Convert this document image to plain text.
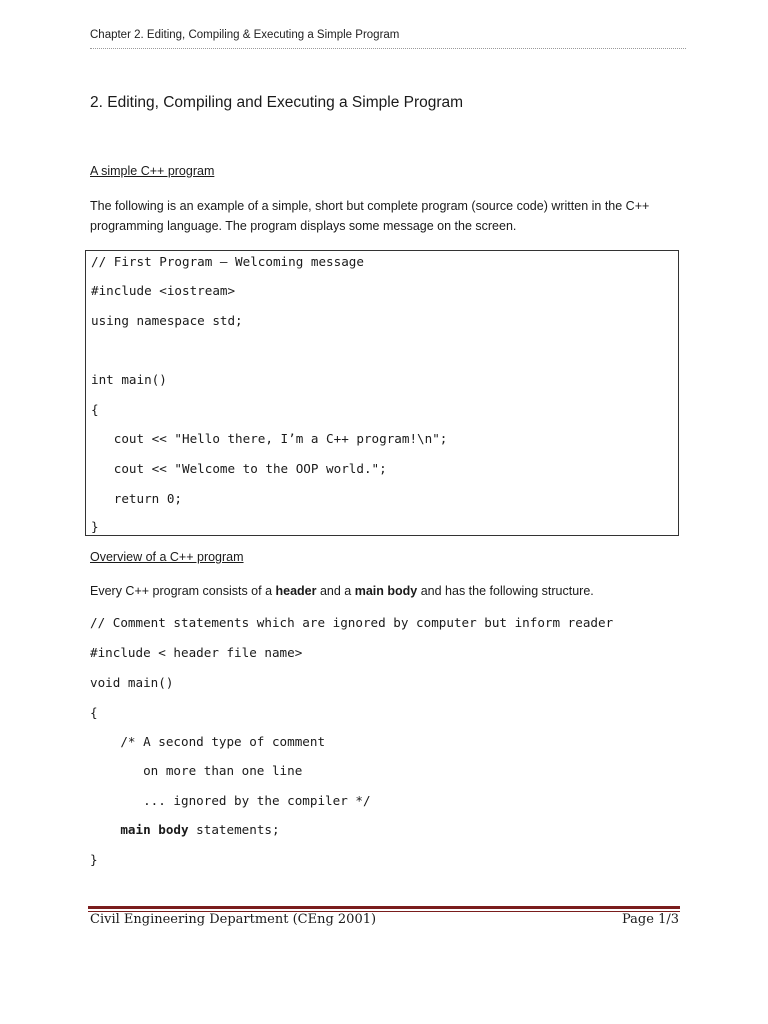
Chapter 2. Editing, Compiling & Executing a Simple Program
2. Editing, Compiling and Executing a Simple Program
A simple C++ program
The following is an example of a simple, short but complete program (source code) written in the C++ programming language. The program displays some message on the screen.
// First Program – Welcoming message
#include <iostream>
using namespace std;
int main()
{
cout << "Hello there, I’m a C++ program!\n";
cout << "Welcome to the OOP world.";
return 0;
}
Overview of a C++ program
Every C++ program consists of a header and a main body and has the following structure.
// Comment statements which are ignored by computer but inform reader
#include < header file name>
void main()
{
/* A second type of comment
on more than one line
... ignored by the compiler */
main body statements;
}
Civil Engineering Department (CEng 2001)	Page 1/3
